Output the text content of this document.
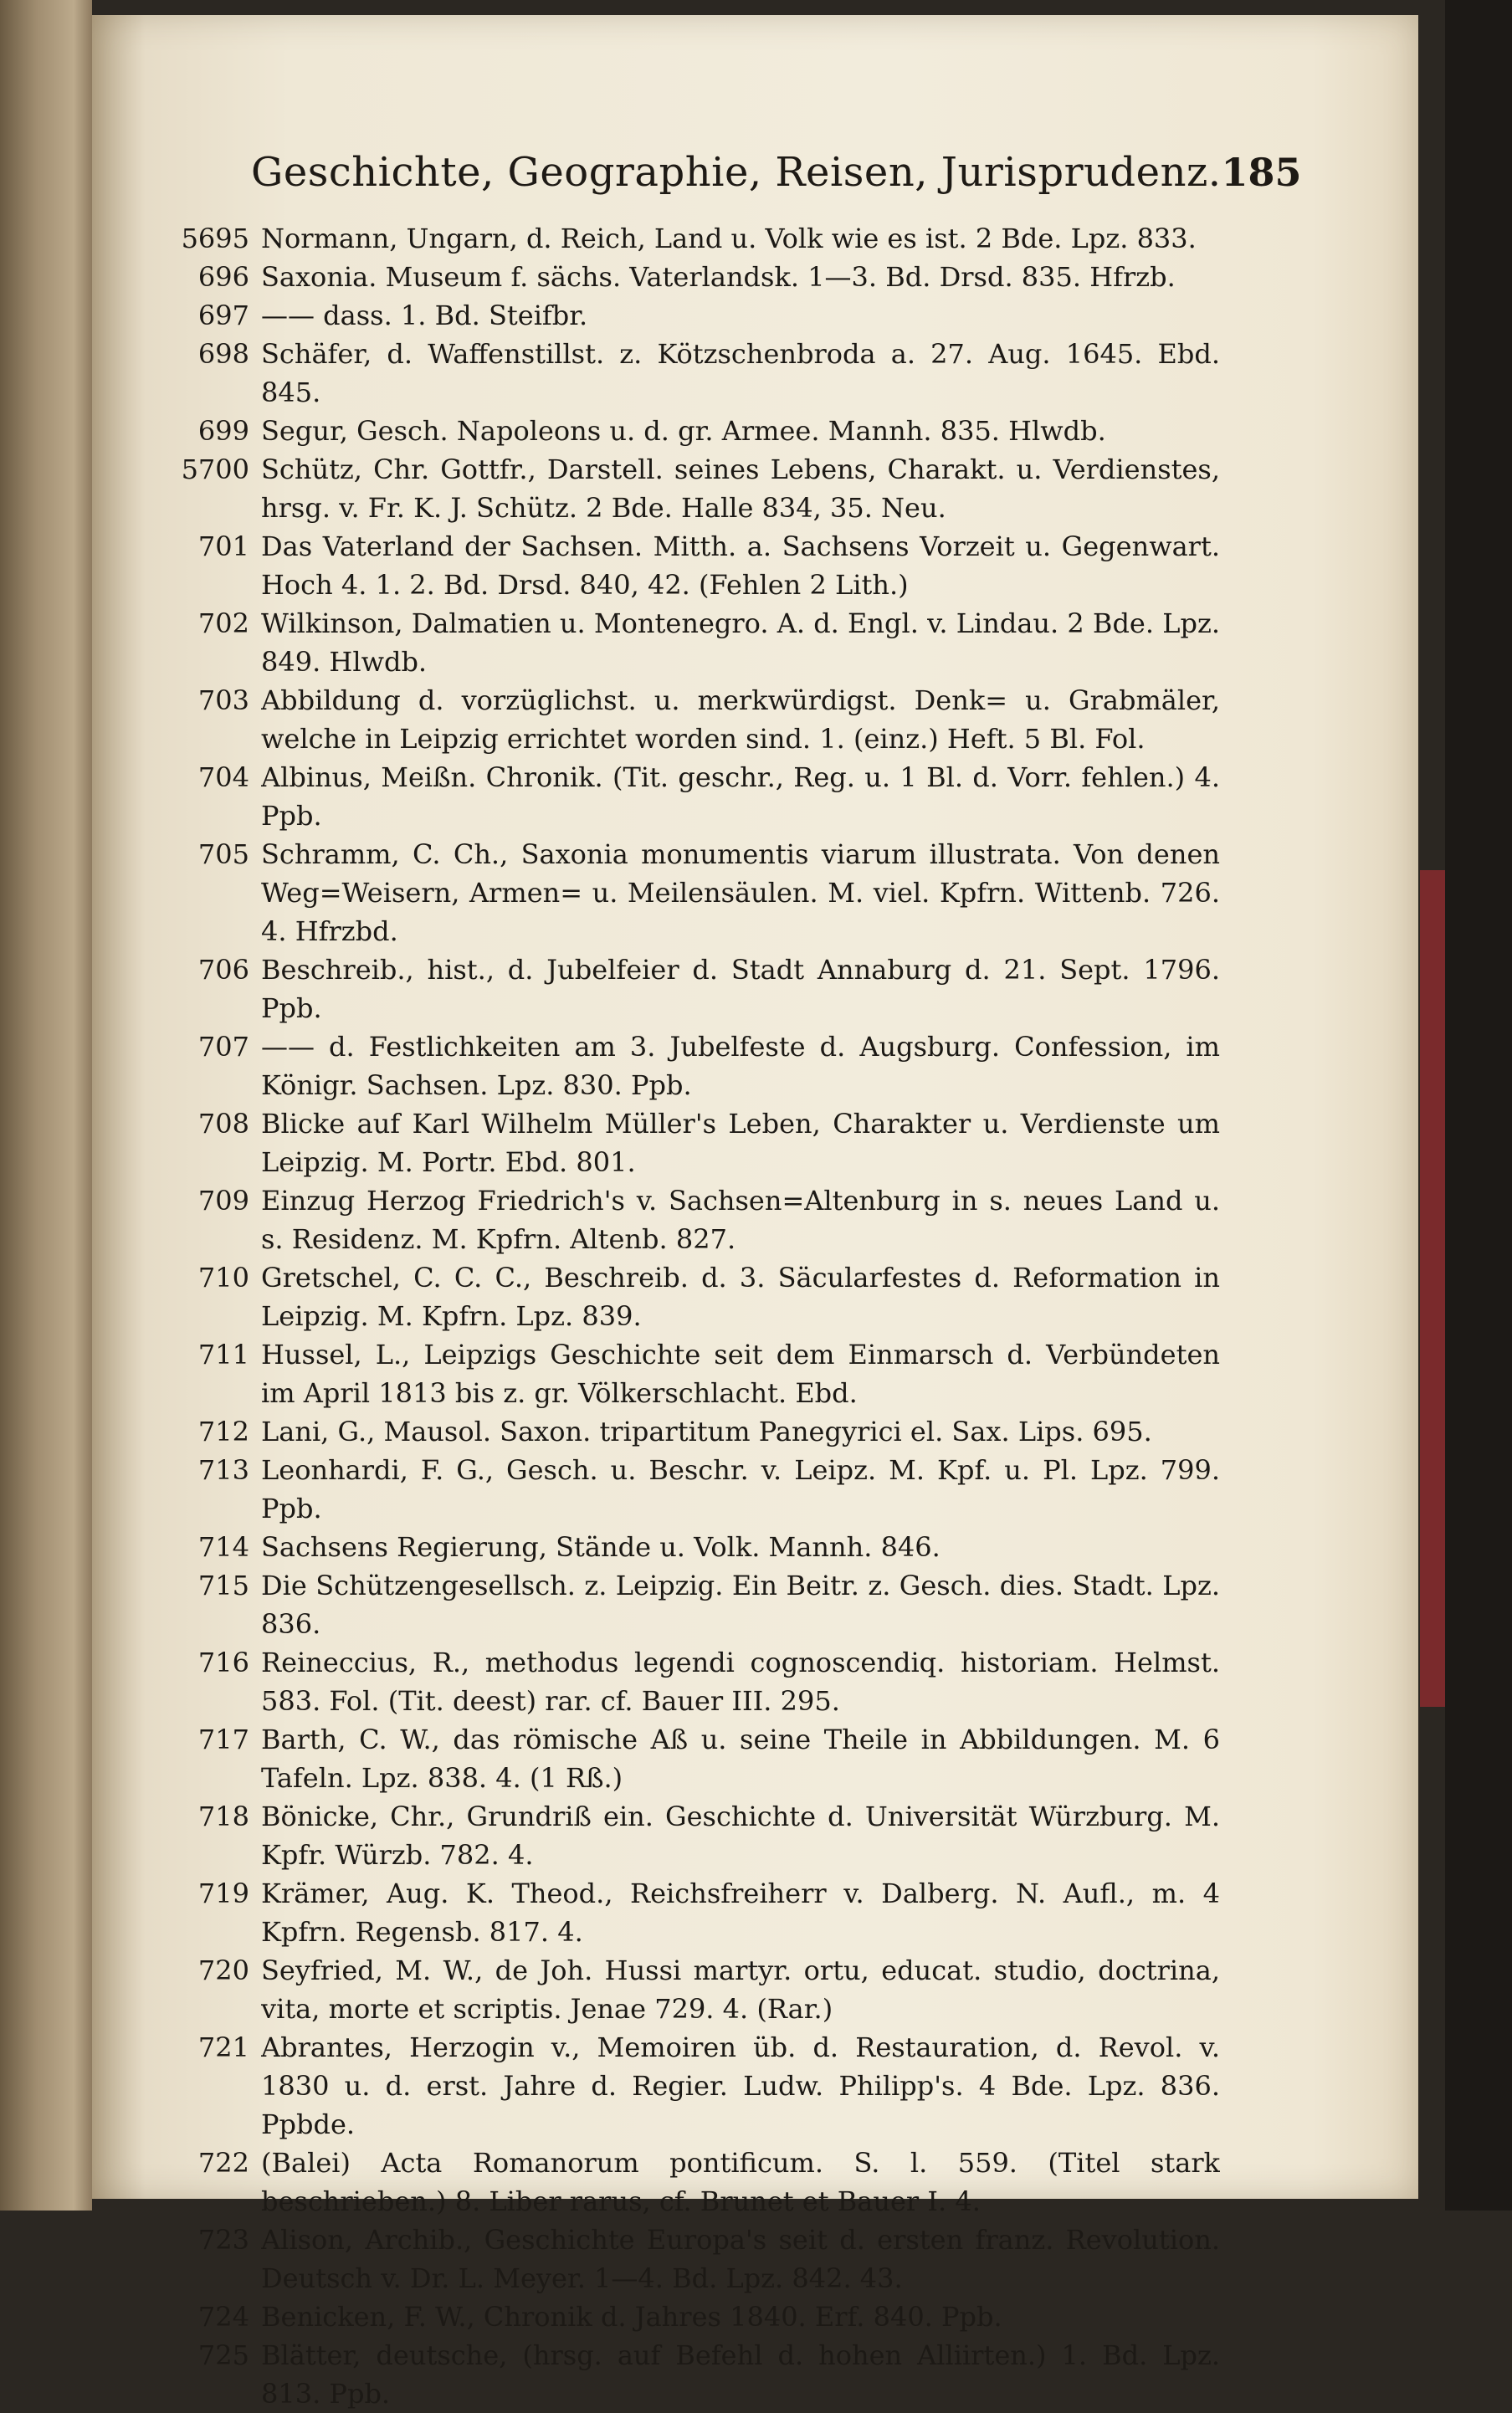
Geschichte, Geographie, Reisen, Jurisprudenz. 185
5695 Normann, Ungarn, d. Reich, Land u. Volk wie es ist. 2 Bde. Lpz. 833.
696 Saxonia. Museum f. sächs. Vaterlandsk. 1—3. Bd. Drsd. 835. Hfrzb.
697 —— dass. 1. Bd. Steifbr.
698 Schäfer, d. Waffenstillst. z. Kötzschenbroda a. 27. Aug. 1645. Ebd. 845.
699 Segur, Gesch. Napoleons u. d. gr. Armee. Mannh. 835. Hlwdb.
5700 Schütz, Chr. Gottfr., Darstell. seines Lebens, Charakt. u. Verdienstes, hrsg. v. Fr. K. J. Schütz. 2 Bde. Halle 834, 35. Neu.
701 Das Vaterland der Sachsen. Mitth. a. Sachsens Vorzeit u. Gegenwart. Hoch 4. 1. 2. Bd. Drsd. 840, 42. (Fehlen 2 Lith.)
702 Wilkinson, Dalmatien u. Montenegro. A. d. Engl. v. Lindau. 2 Bde. Lpz. 849. Hlwdb.
703 Abbildung d. vorzüglichst. u. merkwürdigst. Denk= u. Grabmäler, welche in Leipzig errichtet worden sind. 1. (einz.) Heft. 5 Bl. Fol.
704 Albinus, Meißn. Chronik. (Tit. geschr., Reg. u. 1 Bl. d. Vorr. fehlen.) 4. Ppb.
705 Schramm, C. Ch., Saxonia monumentis viarum illustrata. Von denen Weg=Weisern, Armen= u. Meilensäulen. M. viel. Kpfrn. Wittenb. 726. 4. Hfrzbd.
706 Beschreib., hist., d. Jubelfeier d. Stadt Annaburg d. 21. Sept. 1796. Ppb.
707 —— d. Festlichkeiten am 3. Jubelfeste d. Augsburg. Confession, im Königr. Sachsen. Lpz. 830. Ppb.
708 Blicke auf Karl Wilhelm Müller's Leben, Charakter u. Verdienste um Leipzig. M. Portr. Ebd. 801.
709 Einzug Herzog Friedrich's v. Sachsen=Altenburg in s. neues Land u. s. Residenz. M. Kpfrn. Altenb. 827.
710 Gretschel, C. C. C., Beschreib. d. 3. Säcularfestes d. Reformation in Leipzig. M. Kpfrn. Lpz. 839.
711 Hussel, L., Leipzigs Geschichte seit dem Einmarsch d. Verbündeten im April 1813 bis z. gr. Völkerschlacht. Ebd.
712 Lani, G., Mausol. Saxon. tripartitum Panegyrici el. Sax. Lips. 695.
713 Leonhardi, F. G., Gesch. u. Beschr. v. Leipz. M. Kpf. u. Pl. Lpz. 799. Ppb.
714 Sachsens Regierung, Stände u. Volk. Mannh. 846.
715 Die Schützengesellsch. z. Leipzig. Ein Beitr. z. Gesch. dies. Stadt. Lpz. 836.
716 Reineccius, R., methodus legendi cognoscendiq. historiam. Helmst. 583. Fol. (Tit. deest) rar. cf. Bauer III. 295.
717 Barth, C. W., das römische Aß u. seine Theile in Abbildungen. M. 6 Tafeln. Lpz. 838. 4. (1 Rß.)
718 Bönicke, Chr., Grundriß ein. Geschichte d. Universität Würzburg. M. Kpfr. Würzb. 782. 4.
719 Krämer, Aug. K. Theod., Reichsfreiherr v. Dalberg. N. Aufl., m. 4 Kpfrn. Regensb. 817. 4.
720 Seyfried, M. W., de Joh. Hussi martyr. ortu, educat. studio, doctrina, vita, morte et scriptis. Jenae 729. 4. (Rar.)
721 Abrantes, Herzogin v., Memoiren üb. d. Restauration, d. Revol. v. 1830 u. d. erst. Jahre d. Regier. Ludw. Philipp's. 4 Bde. Lpz. 836. Ppbde.
722 (Balei) Acta Romanorum pontificum. S. l. 559. (Titel stark beschrieben.) 8. Liber rarus, cf. Brunet et Bauer I. 4.
723 Alison, Archib., Geschichte Europa's seit d. ersten franz. Revolution. Deutsch v. Dr. L. Meyer. 1—4. Bd. Lpz. 842. 43.
724 Benicken, F. W., Chronik d. Jahres 1840. Erf. 840. Ppb.
725 Blätter, deutsche, (hrsg. auf Befehl d. hohen Alliirten.) 1. Bd. Lpz. 813. Ppb.
